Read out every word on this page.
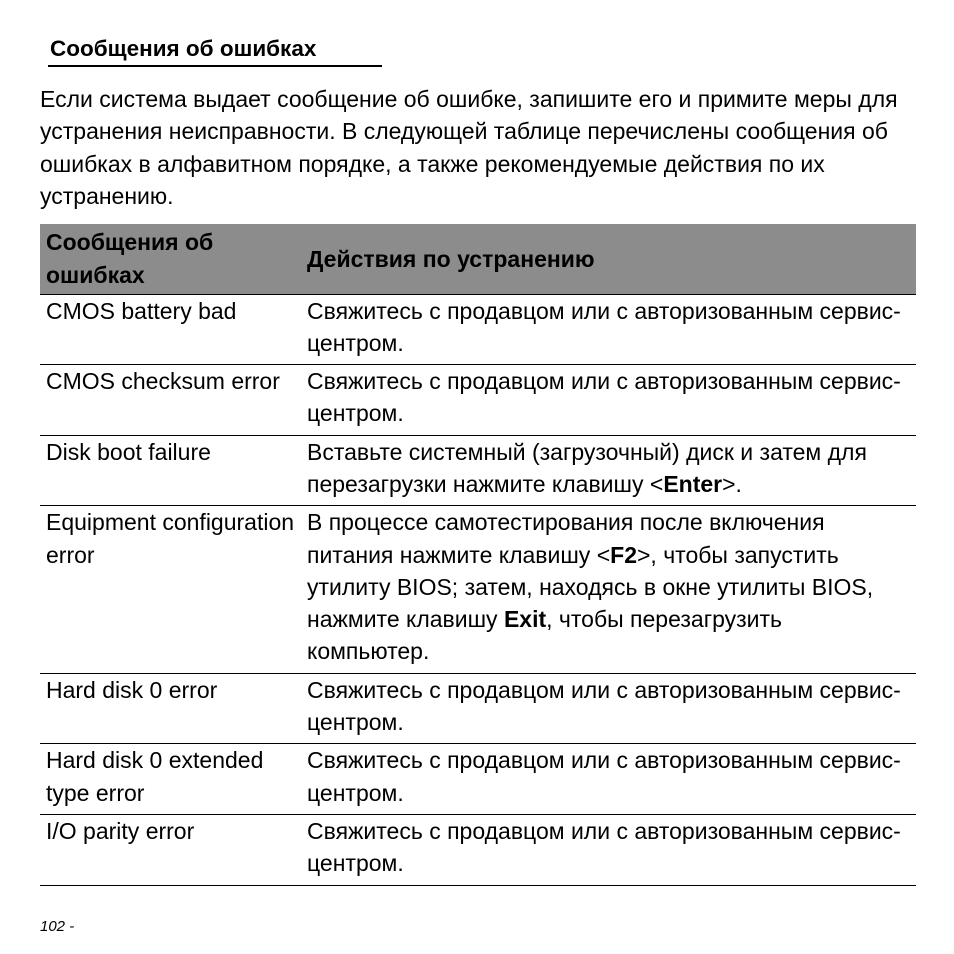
Сообщения об ошибках

Если система выдает сообщение об ошибке, запишите его и примите меры для устранения неисправности. В следующей таблице перечислены сообщения об ошибках в алфавитном порядке, а также рекомендуемые действия по их устранению.

Сообщения об ошибках	Действия по устранению
CMOS battery bad	Свяжитесь с продавцом или с авторизованным сервис-центром.
CMOS checksum error	Свяжитесь с продавцом или с авторизованным сервис-центром.
Disk boot failure	Вставьте системный (загрузочный) диск и затем для перезагрузки нажмите клавишу <Enter>.
Equipment configuration error	В процессе самотестирования после включения питания нажмите клавишу <F2>, чтобы запустить утилиту BIOS; затем, находясь в окне утилиты BIOS, нажмите клавишу Exit, чтобы перезагрузить компьютер.
Hard disk 0 error	Свяжитесь с продавцом или с авторизованным сервис-центром.
Hard disk 0 extended type error	Свяжитесь с продавцом или с авторизованным сервис-центром.
I/O parity error	Свяжитесь с продавцом или с авторизованным сервис-центром.
102 -
